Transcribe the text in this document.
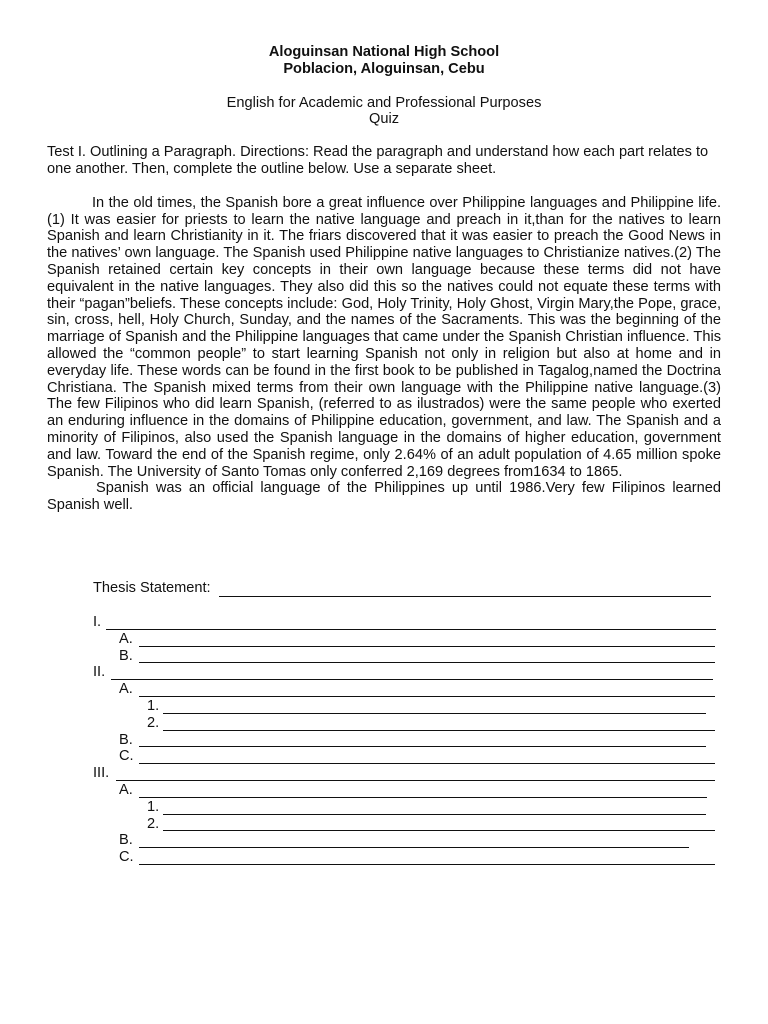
Aloguinsan National High School
Poblacion, Aloguinsan, Cebu
English for Academic and Professional Purposes
Quiz
Test I. Outlining a Paragraph. Directions: Read the paragraph and understand how each part relates to one another. Then, complete the outline below. Use a separate sheet.
In the old times, the Spanish bore a great influence over Philippine languages and Philippine life.(1) It was easier for priests to learn the native language and preach in it,than for the natives to learn Spanish and learn Christianity in it. The friars discovered that it was easier to preach the Good News in the natives’ own language. The Spanish used Philippine native languages to Christianize natives.(2) The Spanish retained certain key concepts in their own language because these terms did not have equivalent in the native languages. They also did this so the natives could not equate these terms with their “pagan”beliefs. These concepts include: God, Holy Trinity, Holy Ghost, Virgin Mary,the Pope, grace, sin, cross, hell, Holy Church, Sunday, and the names of the Sacraments. This was the beginning of the marriage of Spanish and the Philippine languages that came under the Spanish Christian influence. This allowed the “common people” to start learning Spanish not only in religion but also at home and in everyday life. These words can be found in the first book to be published in Tagalog,named the Doctrina Christiana. The Spanish mixed terms from their own language with the Philippine native language.(3) The few Filipinos who did learn Spanish, (referred to as ilustrados) were the same people who exerted an enduring influence in the domains of Philippine education, government, and law. The Spanish and a minority of Filipinos, also used the Spanish language in the domains of higher education, government and law. Toward the end of the Spanish regime, only 2.64% of an adult population of 4.65 million spoke Spanish. The University of Santo Tomas only conferred 2,169 degrees from1634 to 1865.
Spanish was an official language of the Philippines up until 1986.Very few Filipinos learned Spanish well.
Thesis Statement:
I.
A.
B.
II.
A.
1.
2.
B.
C.
III.
A.
1.
2.
B.
C.
